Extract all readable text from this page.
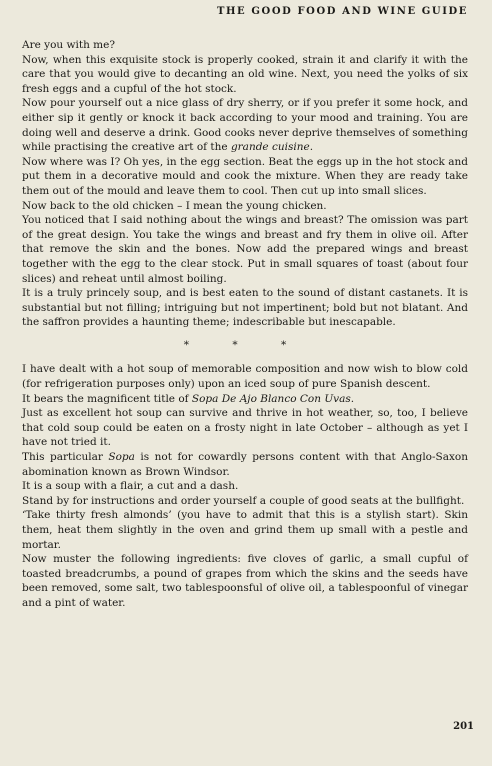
THE GOOD FOOD AND WINE GUIDE

Are you with me?

Now, when this exquisite stock is properly cooked, strain it and clarify it with the care that you would give to decanting an old wine. Next, you need the yolks of six fresh eggs and a cupful of the hot stock.

Now pour yourself out a nice glass of dry sherry, or if you prefer it some hock, and either sip it gently or knock it back according to your mood and training. You are doing well and deserve a drink. Good cooks never deprive themselves of something while practising the creative art of the grande cuisine.

Now where was I? Oh yes, in the egg section. Beat the eggs up in the hot stock and put them in a decorative mould and cook the mixture. When they are ready take them out of the mould and leave them to cool. Then cut up into small slices.

Now back to the old chicken – I mean the young chicken.

You noticed that I said nothing about the wings and breast? The omission was part of the great design. You take the wings and breast and fry them in olive oil. After that remove the skin and the bones. Now add the prepared wings and breast together with the egg to the clear stock. Put in small squares of toast (about four slices) and reheat until almost boiling.

It is a truly princely soup, and is best eaten to the sound of distant castanets. It is substantial but not filling; intriguing but not impertinent; bold but not blatant. And the saffron provides a haunting theme; indescribable but inescapable.

* * *

I have dealt with a hot soup of memorable composition and now wish to blow cold (for refrigeration purposes only) upon an iced soup of pure Spanish descent.

It bears the magnificent title of Sopa De Ajo Blanco Con Uvas.

Just as excellent hot soup can survive and thrive in hot weather, so, too, I believe that cold soup could be eaten on a frosty night in late October – although as yet I have not tried it.

This particular Sopa is not for cowardly persons content with that Anglo-Saxon abomination known as Brown Windsor.

It is a soup with a flair, a cut and a dash.

Stand by for instructions and order yourself a couple of good seats at the bullfight.

‘Take thirty fresh almonds’ (you have to admit that this is a stylish start). Skin them, heat them slightly in the oven and grind them up small with a pestle and mortar.

Now muster the following ingredients: five cloves of garlic, a small cupful of toasted breadcrumbs, a pound of grapes from which the skins and the seeds have been removed, some salt, two tablespoonsful of olive oil, a tablespoonful of vinegar and a pint of water.

201
